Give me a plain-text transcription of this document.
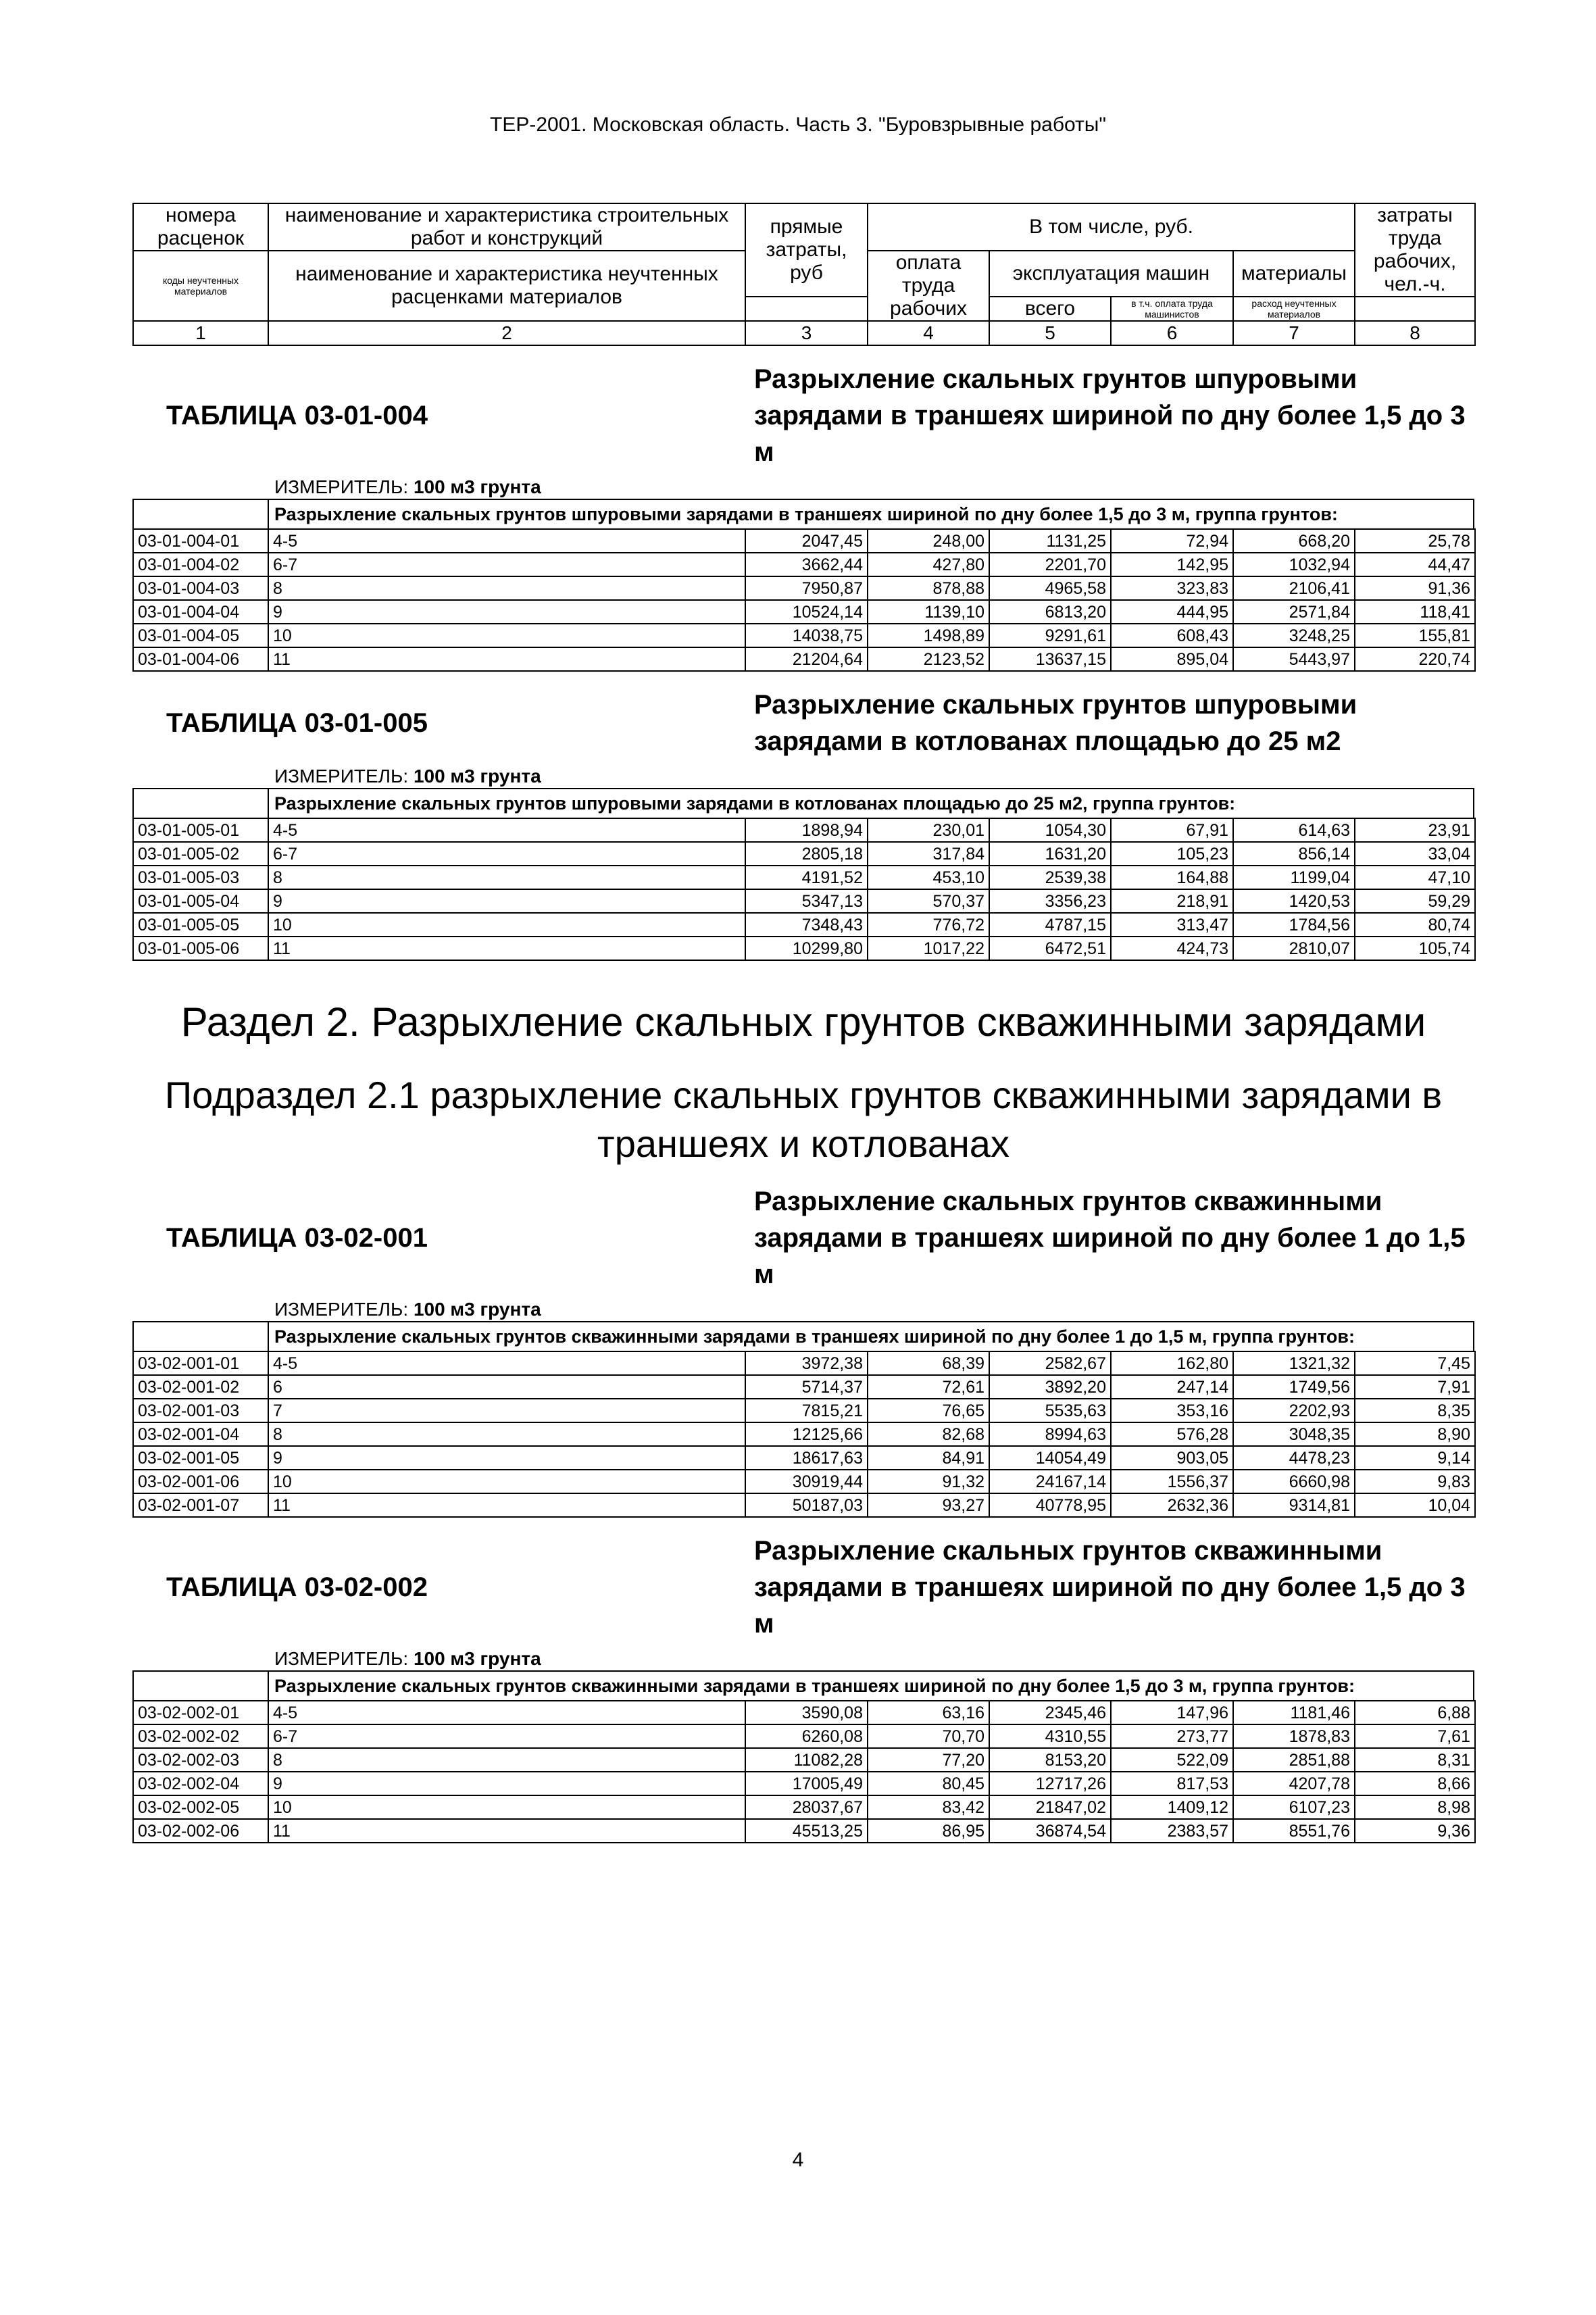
ТЕР-2001. Московская область. Часть 3. "Буровзрывные работы"
номера расценок	наименование и характеристика строительных работ и конструкций	прямые затраты, руб	В том числе, руб.				затраты труда рабочих, чел.-ч.
коды неучтенных материалов	наименование и характеристика неучтенных расценками материалов		оплата труда рабочих	эксплуатация машин		материалы	
				всего	в т.ч. оплата труда машинистов	расход неучтенных материалов	
1	2	3	4	5	6	7	8
ТАБЛИЦА 03-01-004
Разрыхление скальных грунтов шпуровыми зарядами в траншеях шириной по дну более 1,5 до 3 м
ИЗМЕРИТЕЛЬ: 100 м3 грунта
Разрыхление скальных грунтов шпуровыми зарядами в траншеях шириной по дну более 1,5 до 3 м, группа грунтов:
03-01-004-01	4-5	2047,45	248,00	1131,25	72,94	668,20	25,78
03-01-004-02	6-7	3662,44	427,80	2201,70	142,95	1032,94	44,47
03-01-004-03	8	7950,87	878,88	4965,58	323,83	2106,41	91,36
03-01-004-04	9	10524,14	1139,10	6813,20	444,95	2571,84	118,41
03-01-004-05	10	14038,75	1498,89	9291,61	608,43	3248,25	155,81
03-01-004-06	11	21204,64	2123,52	13637,15	895,04	5443,97	220,74
ТАБЛИЦА 03-01-005
Разрыхление скальных грунтов шпуровыми зарядами в котлованах площадью до 25 м2
ИЗМЕРИТЕЛЬ: 100 м3 грунта
Разрыхление скальных грунтов шпуровыми зарядами в котлованах площадью до 25 м2, группа грунтов:
03-01-005-01	4-5	1898,94	230,01	1054,30	67,91	614,63	23,91
03-01-005-02	6-7	2805,18	317,84	1631,20	105,23	856,14	33,04
03-01-005-03	8	4191,52	453,10	2539,38	164,88	1199,04	47,10
03-01-005-04	9	5347,13	570,37	3356,23	218,91	1420,53	59,29
03-01-005-05	10	7348,43	776,72	4787,15	313,47	1784,56	80,74
03-01-005-06	11	10299,80	1017,22	6472,51	424,73	2810,07	105,74
Раздел 2. Разрыхление скальных грунтов скважинными зарядами
Подраздел 2.1 разрыхление скальных грунтов скважинными зарядами в траншеях и котлованах
ТАБЛИЦА 03-02-001
Разрыхление скальных грунтов скважинными зарядами в траншеях шириной по дну более 1 до 1,5 м
ИЗМЕРИТЕЛЬ: 100 м3 грунта
Разрыхление скальных грунтов скважинными зарядами в траншеях шириной по дну более 1 до 1,5 м, группа грунтов:
03-02-001-01	4-5	3972,38	68,39	2582,67	162,80	1321,32	7,45
03-02-001-02	6	5714,37	72,61	3892,20	247,14	1749,56	7,91
03-02-001-03	7	7815,21	76,65	5535,63	353,16	2202,93	8,35
03-02-001-04	8	12125,66	82,68	8994,63	576,28	3048,35	8,90
03-02-001-05	9	18617,63	84,91	14054,49	903,05	4478,23	9,14
03-02-001-06	10	30919,44	91,32	24167,14	1556,37	6660,98	9,83
03-02-001-07	11	50187,03	93,27	40778,95	2632,36	9314,81	10,04
ТАБЛИЦА 03-02-002
Разрыхление скальных грунтов скважинными зарядами в траншеях шириной по дну более 1,5 до 3 м
ИЗМЕРИТЕЛЬ: 100 м3 грунта
Разрыхление скальных грунтов скважинными зарядами в траншеях шириной по дну более 1,5 до 3 м, группа грунтов:
03-02-002-01	4-5	3590,08	63,16	2345,46	147,96	1181,46	6,88
03-02-002-02	6-7	6260,08	70,70	4310,55	273,77	1878,83	7,61
03-02-002-03	8	11082,28	77,20	8153,20	522,09	2851,88	8,31
03-02-002-04	9	17005,49	80,45	12717,26	817,53	4207,78	8,66
03-02-002-05	10	28037,67	83,42	21847,02	1409,12	6107,23	8,98
03-02-002-06	11	45513,25	86,95	36874,54	2383,57	8551,76	9,36
4
